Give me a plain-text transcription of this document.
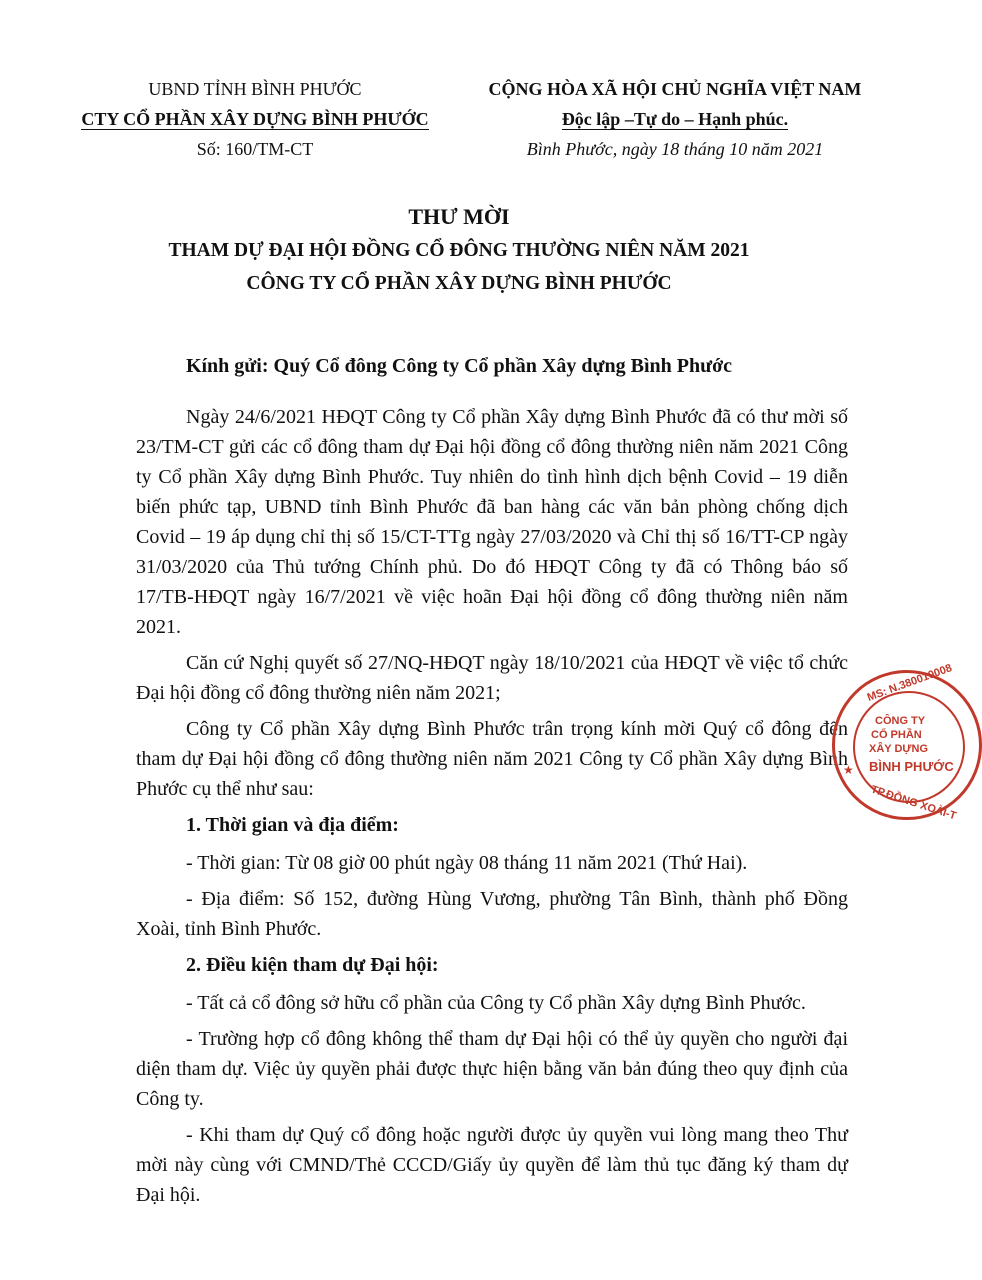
UBND TỈNH BÌNH PHƯỚC
CTY CỔ PHẦN XÂY DỰNG BÌNH PHƯỚC
Số: 160/TM-CT
CỘNG HÒA XÃ HỘI CHỦ NGHĨA VIỆT NAM
Độc lập –Tự do – Hạnh phúc.
Bình Phước, ngày 18 tháng 10 năm 2021
THƯ MỜI
THAM DỰ ĐẠI HỘI ĐỒNG CỔ ĐÔNG THƯỜNG NIÊN NĂM 2021
CÔNG TY CỔ PHẦN XÂY DỰNG BÌNH PHƯỚC
Kính gửi: Quý Cổ đông Công ty Cổ phần Xây dựng Bình Phước

Ngày 24/6/2021 HĐQT Công ty Cổ phần Xây dựng Bình Phước đã có thư mời số 23/TM-CT gửi các cổ đông tham dự Đại hội đồng cổ đông thường niên năm 2021 Công ty Cổ phần Xây dựng Bình Phước. Tuy nhiên do tình hình dịch bệnh Covid – 19 diễn biến phức tạp, UBND tỉnh Bình Phước đã ban hàng các văn bản phòng chống dịch Covid – 19 áp dụng chỉ thị số 15/CT-TTg ngày 27/03/2020 và Chỉ thị số 16/TT-CP ngày 31/03/2020 của Thủ tướng Chính phủ. Do đó HĐQT Công ty đã có Thông báo số 17/TB-HĐQT ngày 16/7/2021 về việc hoãn Đại hội đồng cổ đông thường niên năm 2021.

Căn cứ Nghị quyết số 27/NQ-HĐQT ngày 18/10/2021 của HĐQT về việc tổ chức Đại hội đồng cổ đông thường niên năm 2021;

Công ty Cổ phần Xây dựng Bình Phước trân trọng kính mời Quý cổ đông đến tham dự Đại hội đồng cổ đông thường niên năm 2021 Công ty Cổ phần Xây dựng Bình Phước cụ thể như sau:

1. Thời gian và địa điểm:

- Thời gian: Từ 08 giờ 00 phút ngày 08 tháng 11 năm 2021 (Thứ Hai).

- Địa điểm: Số 152, đường Hùng Vương, phường Tân Bình, thành phố Đồng Xoài, tỉnh Bình Phước.

2. Điều kiện tham dự Đại hội:

- Tất cả cổ đông sở hữu cổ phần của Công ty Cổ phần Xây dựng Bình Phước.

- Trường hợp cổ đông không thể tham dự Đại hội có thể ủy quyền cho người đại diện tham dự. Việc ủy quyền phải được thực hiện bằng văn bản đúng theo quy định của Công ty.

- Khi tham dự Quý cổ đông hoặc người được ủy quyền vui lòng mang theo Thư mời này cùng với CMND/Thẻ CCCD/Giấy ủy quyền để làm thủ tục đăng ký tham dự Đại hội.

MS: N.380010008
CÔNG TY
CỔ PHẦN
XÂY DỰNG
BÌNH PHƯỚC
★
TP.ĐỒNG XOÀI-T
